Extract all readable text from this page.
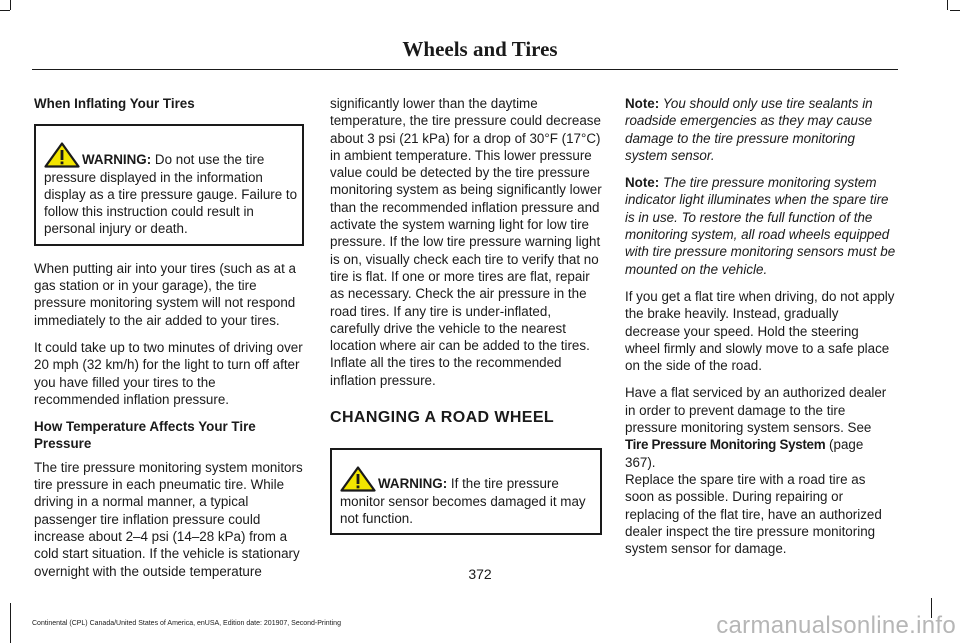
Wheels and Tires
When Inflating Your Tires
WARNING: Do not use the tire pressure displayed in the information display as a tire pressure gauge. Failure to follow this instruction could result in personal injury or death.

When putting air into your tires (such as at a gas station or in your garage), the tire pressure monitoring system will not respond immediately to the air added to your tires.

It could take up to two minutes of driving over 20 mph (32 km/h) for the light to turn off after you have filled your tires to the recommended inflation pressure.

How Temperature Affects Your Tire Pressure

The tire pressure monitoring system monitors tire pressure in each pneumatic tire. While driving in a normal manner, a typical passenger tire inflation pressure could increase about 2–4 psi (14–28 kPa) from a cold start situation. If the vehicle is stationary overnight with the outside temperature

significantly lower than the daytime temperature, the tire pressure could decrease about 3 psi (21 kPa) for a drop of 30°F (17°C) in ambient temperature. This lower pressure value could be detected by the tire pressure monitoring system as being significantly lower than the recommended inflation pressure and activate the system warning light for low tire pressure. If the low tire pressure warning light is on, visually check each tire to verify that no tire is flat. If one or more tires are flat, repair as necessary. Check the air pressure in the road tires. If any tire is under-inflated, carefully drive the vehicle to the nearest location where air can be added to the tires. Inflate all the tires to the recommended inflation pressure.

CHANGING A ROAD WHEEL
WARNING: If the tire pressure monitor sensor becomes damaged it may not function.

Note: You should only use tire sealants in roadside emergencies as they may cause damage to the tire pressure monitoring system sensor.

Note: The tire pressure monitoring system indicator light illuminates when the spare tire is in use. To restore the full function of the monitoring system, all road wheels equipped with tire pressure monitoring sensors must be mounted on the vehicle.

If you get a flat tire when driving, do not apply the brake heavily. Instead, gradually decrease your speed. Hold the steering wheel firmly and slowly move to a safe place on the side of the road.

Have a flat serviced by an authorized dealer in order to prevent damage to the tire pressure monitoring system sensors. See Tire Pressure Monitoring System (page 367).

Replace the spare tire with a road tire as soon as possible. During repairing or replacing of the flat tire, have an authorized dealer inspect the tire pressure monitoring system sensor for damage.

372
Continental (CPL) Canada/United States of America, enUSA, Edition date: 201907, Second-Printing	carmanualsonline.info
